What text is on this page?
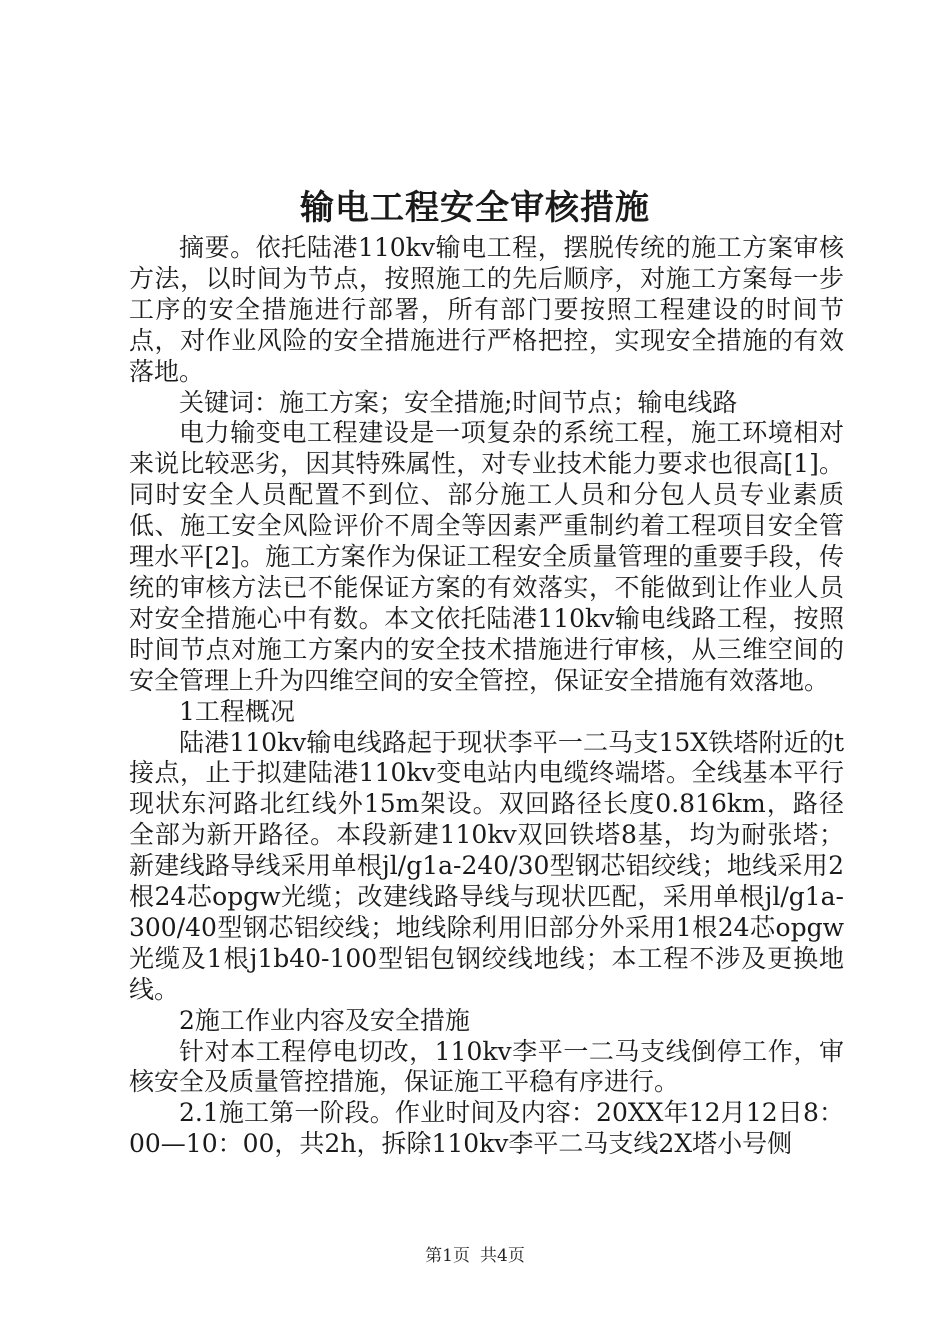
输电工程安全审核措施

摘要。依托陆港110kv输电工程，摆脱传统的施工方案审核方法，以时间为节点，按照施工的先后顺序，对施工方案每一步工序的安全措施进行部署，所有部门要按照工程建设的时间节点，对作业风险的安全措施进行严格把控，实现安全措施的有效落地。

关键词：施工方案；安全措施;时间节点；输电线路

电力输变电工程建设是一项复杂的系统工程，施工环境相对来说比较恶劣，因其特殊属性，对专业技术能力要求也很高[1]。同时安全人员配置不到位、部分施工人员和分包人员专业素质低、施工安全风险评价不周全等因素严重制约着工程项目安全管理水平[2]。施工方案作为保证工程安全质量管理的重要手段，传统的审核方法已不能保证方案的有效落实，不能做到让作业人员对安全措施心中有数。本文依托陆港110kv输电线路工程，按照时间节点对施工方案内的安全技术措施进行审核，从三维空间的安全管理上升为四维空间的安全管控，保证安全措施有效落地。

1工程概况

陆港110kv输电线路起于现状李平一二马支15X铁塔附近的t接点，止于拟建陆港110kv变电站内电缆终端塔。全线基本平行现状东河路北红线外15m架设。双回路径长度0.816km，路径全部为新开路径。本段新建110kv双回铁塔8基，均为耐张塔；新建线路导线采用单根jl/g1a-240/30型钢芯铝绞线；地线采用2根24芯opgw光缆；改建线路导线与现状匹配，采用单根jl/g1a-300/40型钢芯铝绞线；地线除利用旧部分外采用1根24芯opgw光缆及1根j1b40-100型铝包钢绞线地线；本工程不涉及更换地线。

2施工作业内容及安全措施

针对本工程停电切改，110kv李平一二马支线倒停工作，审核安全及质量管控措施，保证施工平稳有序进行。

2.1施工第一阶段。作业时间及内容：20XX年12月12日8：00—10：00，共2h，拆除110kv李平二马支线2X塔小号侧

第1页 共4页
